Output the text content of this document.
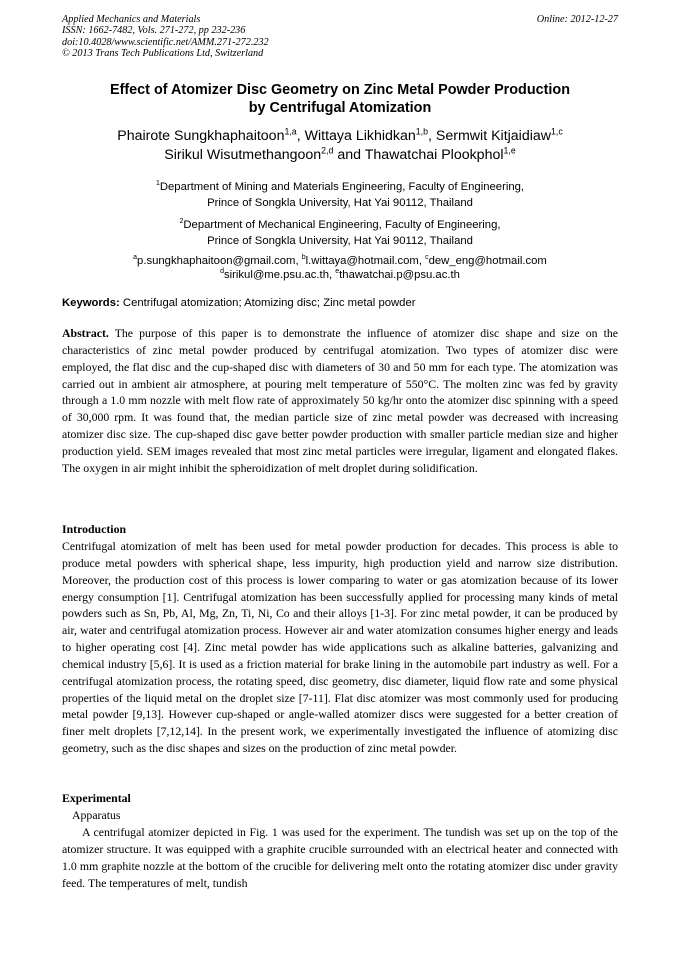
Applied Mechanics and Materials
ISSN: 1662-7482, Vols. 271-272, pp 232-236
doi:10.4028/www.scientific.net/AMM.271-272.232
© 2013 Trans Tech Publications Ltd, Switzerland
Online: 2012-12-27
Effect of Atomizer Disc Geometry on Zinc Metal Powder Production
by Centrifugal Atomization
Phairote Sungkhaphaitoon$^{1,a}$, Wittaya Likhidkan$^{1,b}$, Sermwit Kitjaidiaw$^{1,c}$
Sirikul Wisutmethangoon$^{2,d}$ and Thawatchai Plookphol$^{1,e}$
$^1$Department of Mining and Materials Engineering, Faculty of Engineering,
Prince of Songkla University, Hat Yai 90112, Thailand
$^2$Department of Mechanical Engineering, Faculty of Engineering,
Prince of Songkla University, Hat Yai 90112, Thailand
$^a$p.sungkhaphaitoon@gmail.com, $^b$l.wittaya@hotmail.com, $^c$dew_eng@hotmail.com
$^d$sirikul@me.psu.ac.th, $^e$thawatchai.p@psu.ac.th
Keywords: Centrifugal atomization; Atomizing disc; Zinc metal powder
Abstract. The purpose of this paper is to demonstrate the influence of atomizer disc shape and size on the characteristics of zinc metal powder produced by centrifugal atomization. Two types of atomizer disc were employed, the flat disc and the cup-shaped disc with diameters of 30 and 50 mm for each type. The atomization was carried out in ambient air atmosphere, at pouring melt temperature of 550°C. The molten zinc was fed by gravity through a 1.0 mm nozzle with melt flow rate of approximately 50 kg/hr onto the atomizer disc spinning with a speed of 30,000 rpm. It was found that, the median particle size of zinc metal powder was decreased with increasing atomizer disc size. The cup-shaped disc gave better powder production with smaller particle median size and higher production yield. SEM images revealed that most zinc metal particles were irregular, ligament and elongated flakes. The oxygen in air might inhibit the spheroidization of melt droplet during solidification.
Introduction
Centrifugal atomization of melt has been used for metal powder production for decades. This process is able to produce metal powders with spherical shape, less impurity, high production yield and narrow size distribution. Moreover, the production cost of this process is lower comparing to water or gas atomization because of its lower energy consumption [1]. Centrifugal atomization has been successfully applied for processing many kinds of metal powders such as Sn, Pb, Al, Mg, Zn, Ti, Ni, Co and their alloys [1-3]. For zinc metal powder, it can be produced by air, water and centrifugal atomization process. However air and water atomization consumes higher energy and leads to higher operating cost [4]. Zinc metal powder has wide applications such as alkaline batteries, galvanizing and chemical industry [5,6]. It is used as a friction material for brake lining in the automobile part industry as well. For a centrifugal atomization process, the rotating speed, disc geometry, disc diameter, liquid flow rate and some physical properties of the liquid metal on the droplet size [7-11]. Flat disc atomizer was most commonly used for producing metal powder [9,13]. However cup-shaped or angle-walled atomizer discs were suggested for a better creation of finer melt droplets [7,12,14]. In the present work, we experimentally investigated the influence of atomizing disc geometry, such as the disc shapes and sizes on the production of zinc metal powder.
Experimental
Apparatus
A centrifugal atomizer depicted in Fig. 1 was used for the experiment. The tundish was set up on the top of the atomizer structure. It was equipped with a graphite crucible surrounded with an electrical heater and connected with 1.0 mm graphite nozzle at the bottom of the crucible for delivering melt onto the rotating atomizer disc under gravity feed. The temperatures of melt, tundish
